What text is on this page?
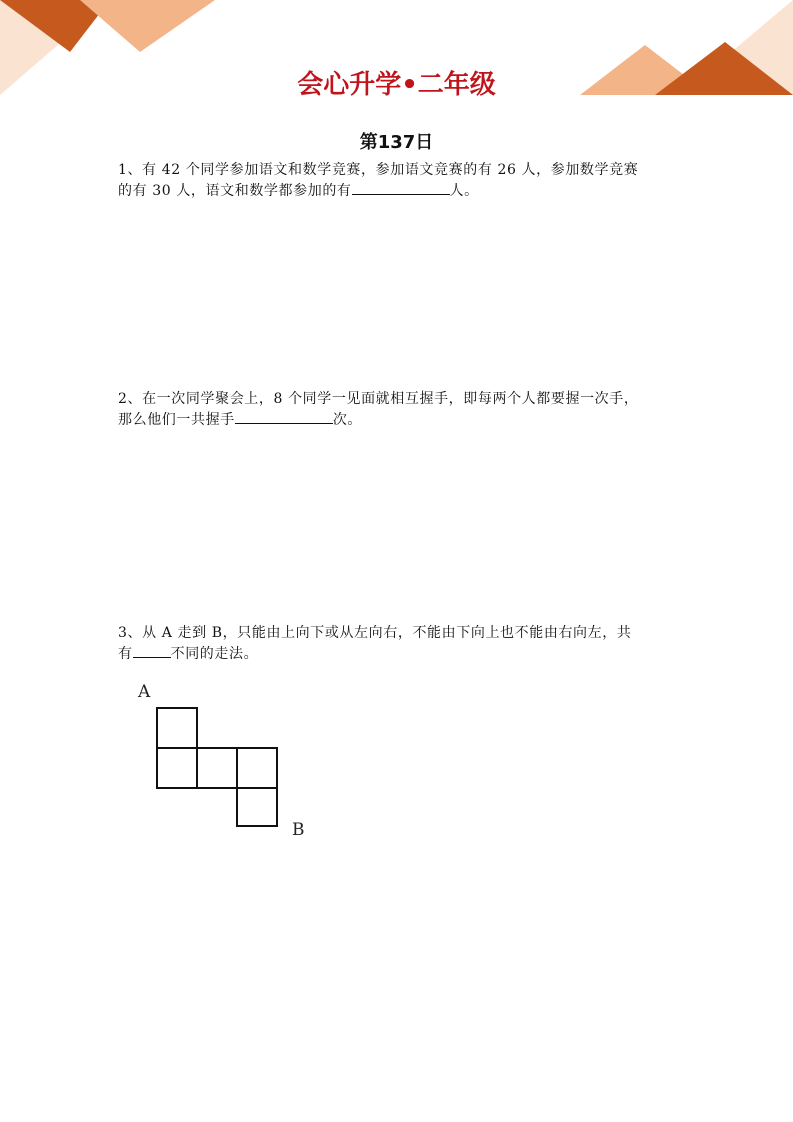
会心升学•二年级
第137日

1、有 42 个同学参加语文和数学竞赛，参加语文竞赛的有 26 人，参加数学竞赛

的有 30 人，语文和数学都参加的有	人。

2、在一次同学聚会上，8 个同学一见面就相互握手，即每两个人都要握一次手，

那么他们一共握手	次。

3、从 A 走到 B，只能由上向下或从左向右，不能由下向上也不能由右向左，共

有	不同的走法。

A
B
